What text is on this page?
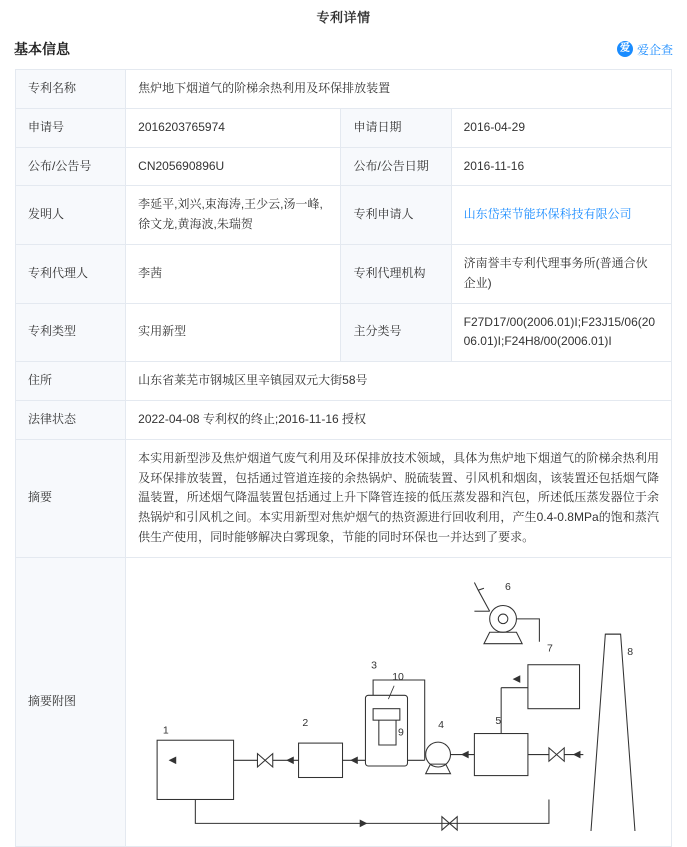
专利详情
基本信息	爱 爱企查
专利名称	焦炉地下烟道气的阶梯余热利用及环保排放装置		
申请号	2016203765974	申请日期	2016-04-29
公布/公告号	CN205690896U	公布/公告日期	2016-11-16
发明人	李延平,刘兴,束海涛,王少云,汤一峰,徐文龙,黄海波,朱瑞贺	专利申请人	山东岱荣节能环保科技有限公司
专利代理人	李茜	专利代理机构	济南誉丰专利代理事务所(普通合伙企业)
专利类型	实用新型	主分类号	F27D17/00(2006.01)I;F23J15/06(2006.01)I;F24H8/00(2006.01)I
住所	山东省莱芜市钢城区里辛镇园双元大街58号		
法律状态	2022-04-08 专利权的终止;2016-11-16 授权		
摘要	本实用新型涉及焦炉烟道气废气利用及环保排放技术领域，具体为焦炉地下烟道气的阶梯余热利用及环保排放装置，包括通过管道连接的余热锅炉、脱硫装置、引风机和烟囱，该装置还包括烟气降温装置，所述烟气降温装置包括通过上升下降管连接的低压蒸发器和汽包，所述低压蒸发器位于余热锅炉和引风机之间。本实用新型对焦炉烟气的热资源进行回收利用，产生0.4-0.8MPa的饱和蒸汽供生产使用，同时能够解决白雾现象，节能的同时环保也一并达到了要求。		
摘要附图	
1
2
3
4	5
6
7	8
9
10
